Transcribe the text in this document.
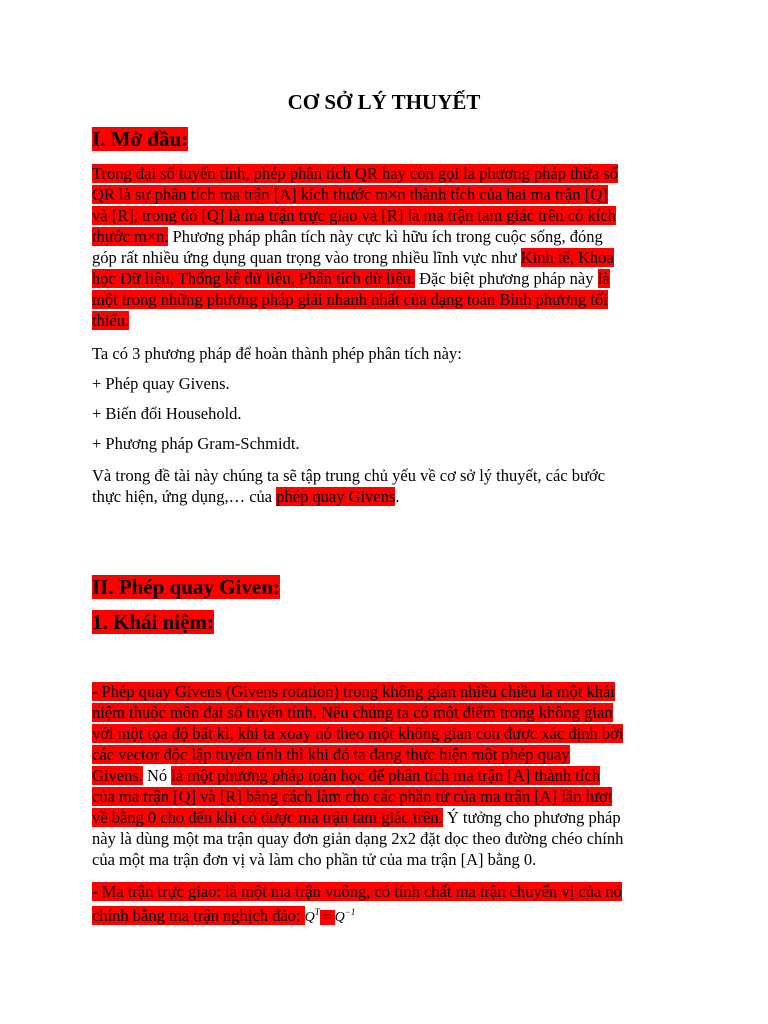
CƠ SỞ LÝ THUYẾT
I. Mở đầu:
Trong đại số tuyến tính, phép phân tích QR hay còn gọi là phương pháp thừa số
QR là sự phân tích ma trận [A] kích thước m×n thành tích của hai ma trận [Q]
và [R], trong đó [Q] là ma trận trực giao và [R] là ma trận tam giác trên có kích
thước m×n. Phương pháp phân tích này cực kì hữu ích trong cuộc sống, đóng
góp rất nhiều ứng dụng quan trọng vào trong nhiều lĩnh vực như Kinh tế, Khoa
học Dữ liệu, Thống kê dữ liệu, Phân tích dữ liệu. Đặc biệt phương pháp này là
một trong những phương pháp giải nhanh nhất của dạng toán Bình phương tối
thiểu.
Ta có 3 phương pháp để hoàn thành phép phân tích này:
+ Phép quay Givens.
+ Biến đổi Household.
+ Phương pháp Gram-Schmidt.
Và trong đề tài này chúng ta sẽ tập trung chủ yếu về cơ sở lý thuyết, các bước
thực hiện, ứng dụng,… của phép quay Givens.
II. Phép quay Given:
1. Khái niệm:
- Phép quay Givens (Givens rotation) trong không gian nhiều chiều là một khái
niệm thuộc môn đại số tuyến tính. Nếu chúng ta có một điểm trong không gian
với một tọa độ bất kì, khi ta xoay nó theo một không gian con được xác định bởi
các vector độc lập tuyến tính thì khi đó ta đang thực hiện một phép quay
Givens. Nó là một phương pháp toán học để phân tích ma trận [A] thành tích
của ma trận [Q] và [R] bằng cách làm cho các phần tử của ma trận [A] lần lượt
về bằng 0 cho đến khi có được ma trận tam giác trên. Ý tưởng cho phương pháp
này là dùng một ma trận quay đơn giản dạng 2x2 đặt dọc theo đường chéo chính
của một ma trận đơn vị và làm cho phần tử của ma trận [A] bằng 0.
- Ma trận trực giao: là một ma trận vuông, có tính chất ma trận chuyển vị của nó
chính bằng ma trận nghịch đảo: $Q^T = Q^{-1}$
